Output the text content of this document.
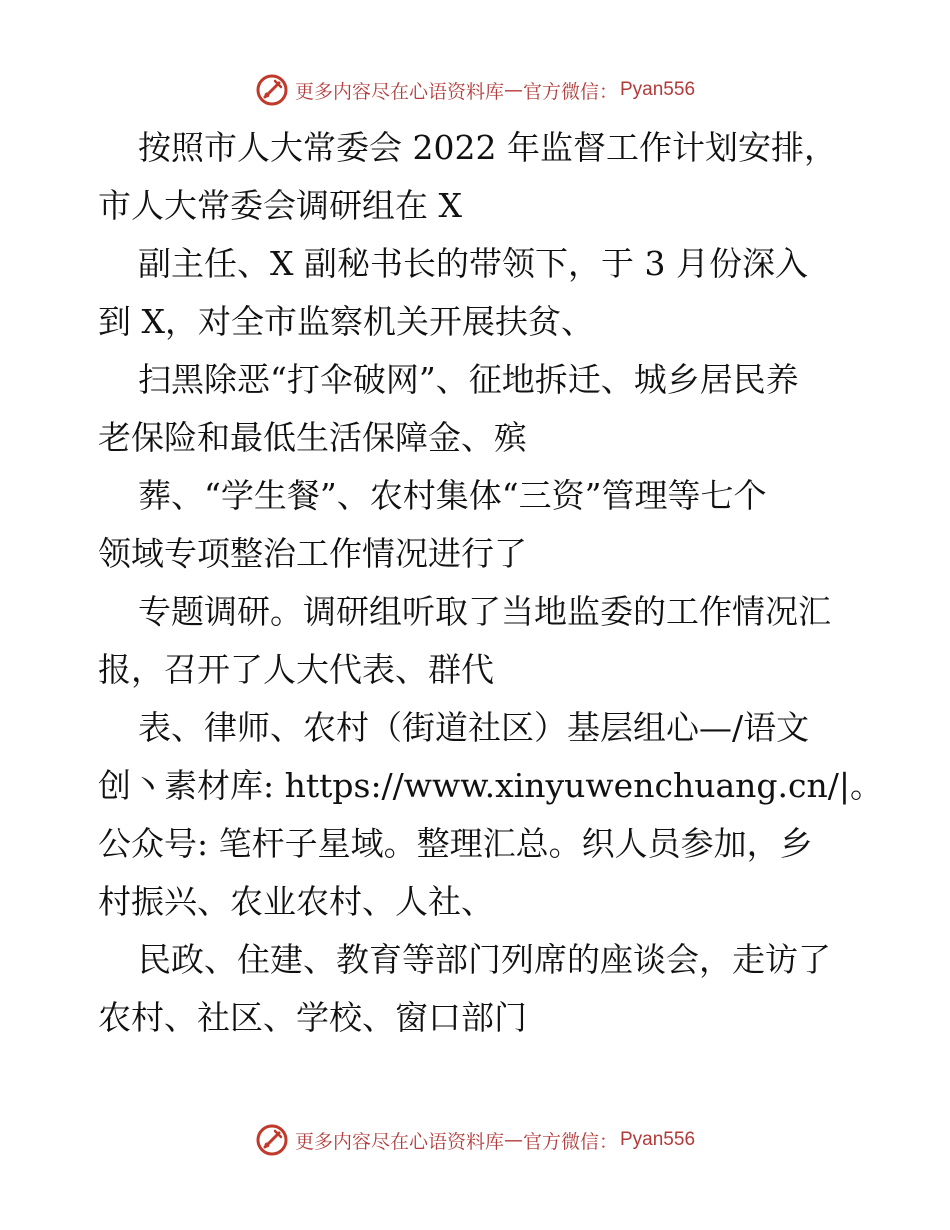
更多内容尽在心语资料库 — 官方微信： Pyan556
按照市人大常委会 2022 年监督工作计划安排，
市人大常委会调研组在 X
副主任、X 副秘书长的带领下，于 3 月份深入
到 X，对全市监察机关开展扶贫、
扫黑除恶“打伞破网”、征地拆迁、城乡居民养
老保险和最低生活保障金、殡
葬、“学生餐”、农村集体“三资”管理等七个
领域专项整治工作情况进行了
专题调研。调研组听取了当地监委的工作情况汇
报，召开了人大代表、群代
表、律师、农村（街道社区）基层组心—/语文
创丶素材库: https://www.xinyuwenchuang.cn/|。
公众号: 笔杆子星域。整理汇总。织人员参加，乡
村振兴、农业农村、人社、
民政、住建、教育等部门列席的座谈会，走访了
农村、社区、学校、窗口部门
更多内容尽在心语资料库 — 官方微信： Pyan556
